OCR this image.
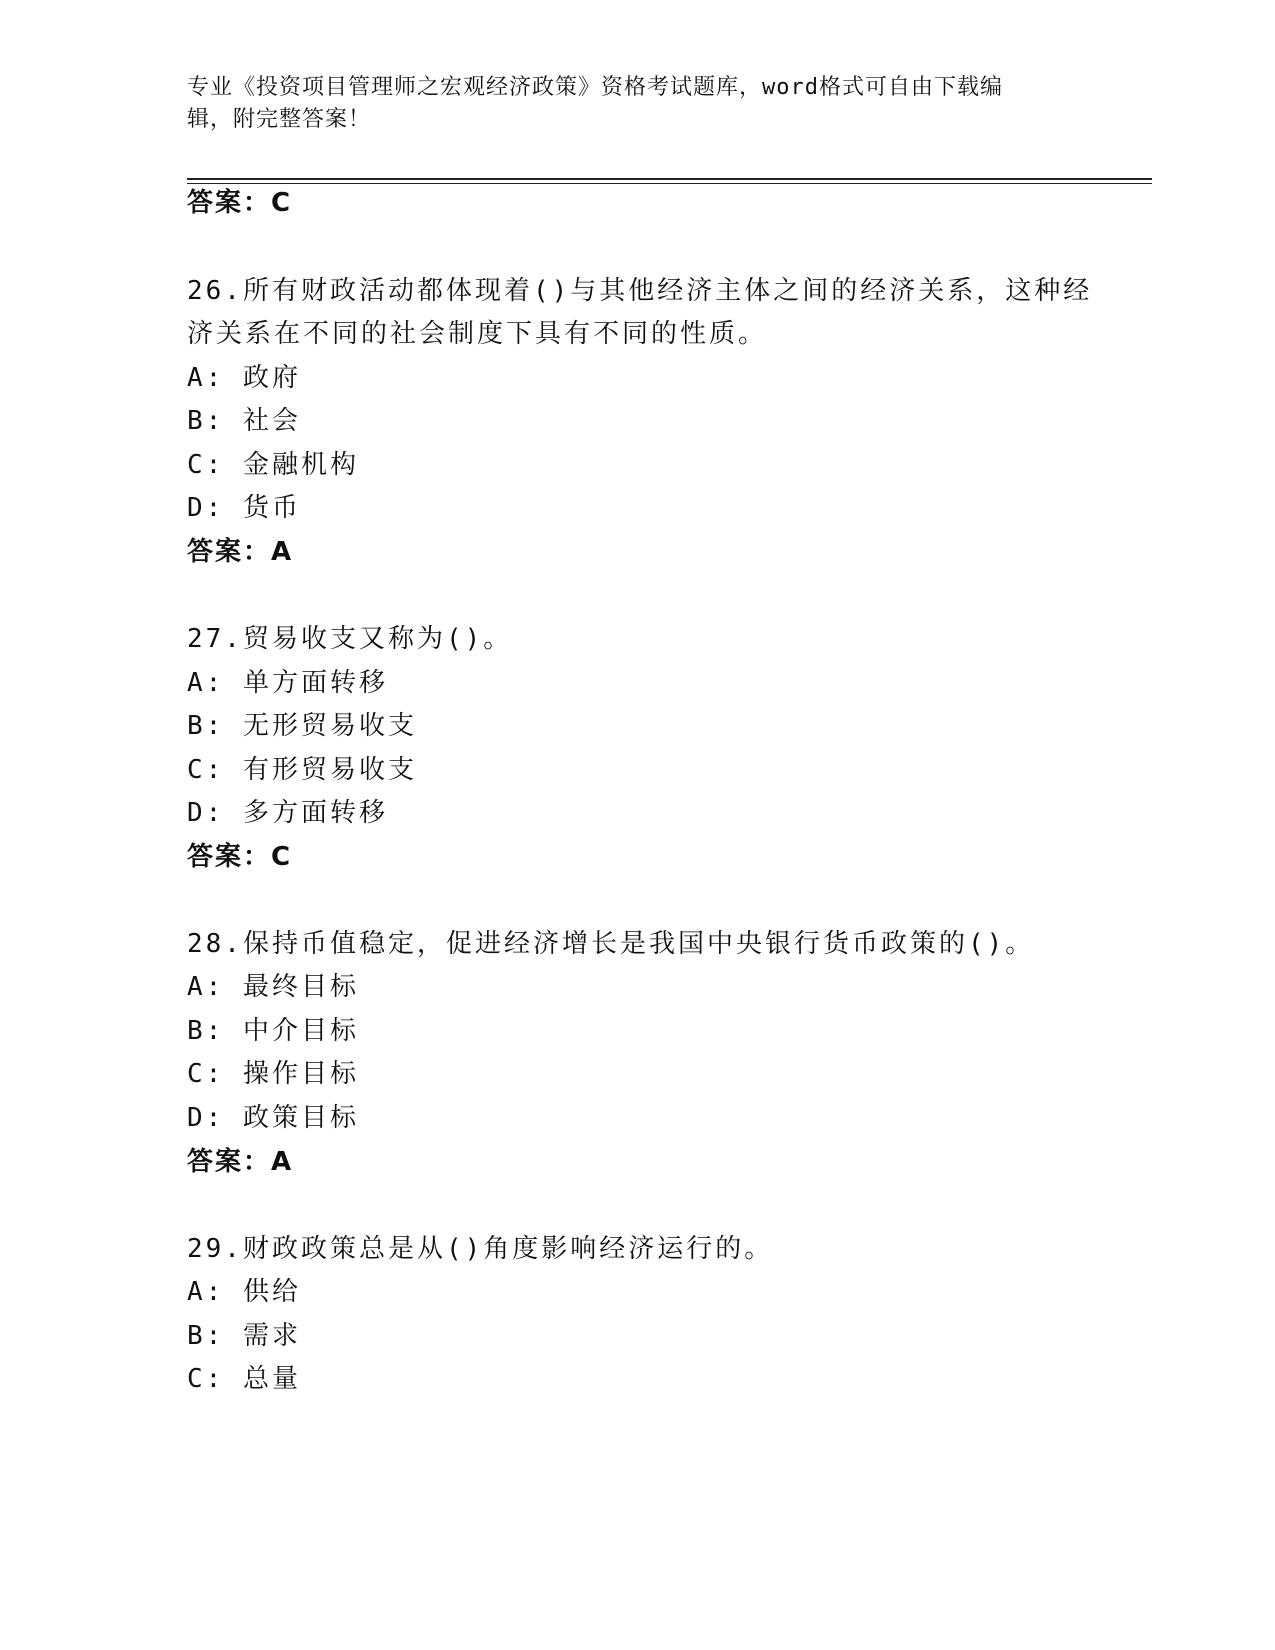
专业《投资项目管理师之宏观经济政策》资格考试题库，word格式可自由下载编
辑，附完整答案！
答案：C
26.所有财政活动都体现着()与其他经济主体之间的经济关系，这种经
济关系在不同的社会制度下具有不同的性质。
A: 政府
B: 社会
C: 金融机构
D: 货币
答案：A
27.贸易收支又称为()。
A: 单方面转移
B: 无形贸易收支
C: 有形贸易收支
D: 多方面转移
答案：C
28.保持币值稳定，促进经济增长是我国中央银行货币政策的()。
A: 最终目标
B: 中介目标
C: 操作目标
D: 政策目标
答案：A
29.财政政策总是从()角度影响经济运行的。
A: 供给
B: 需求
C: 总量
